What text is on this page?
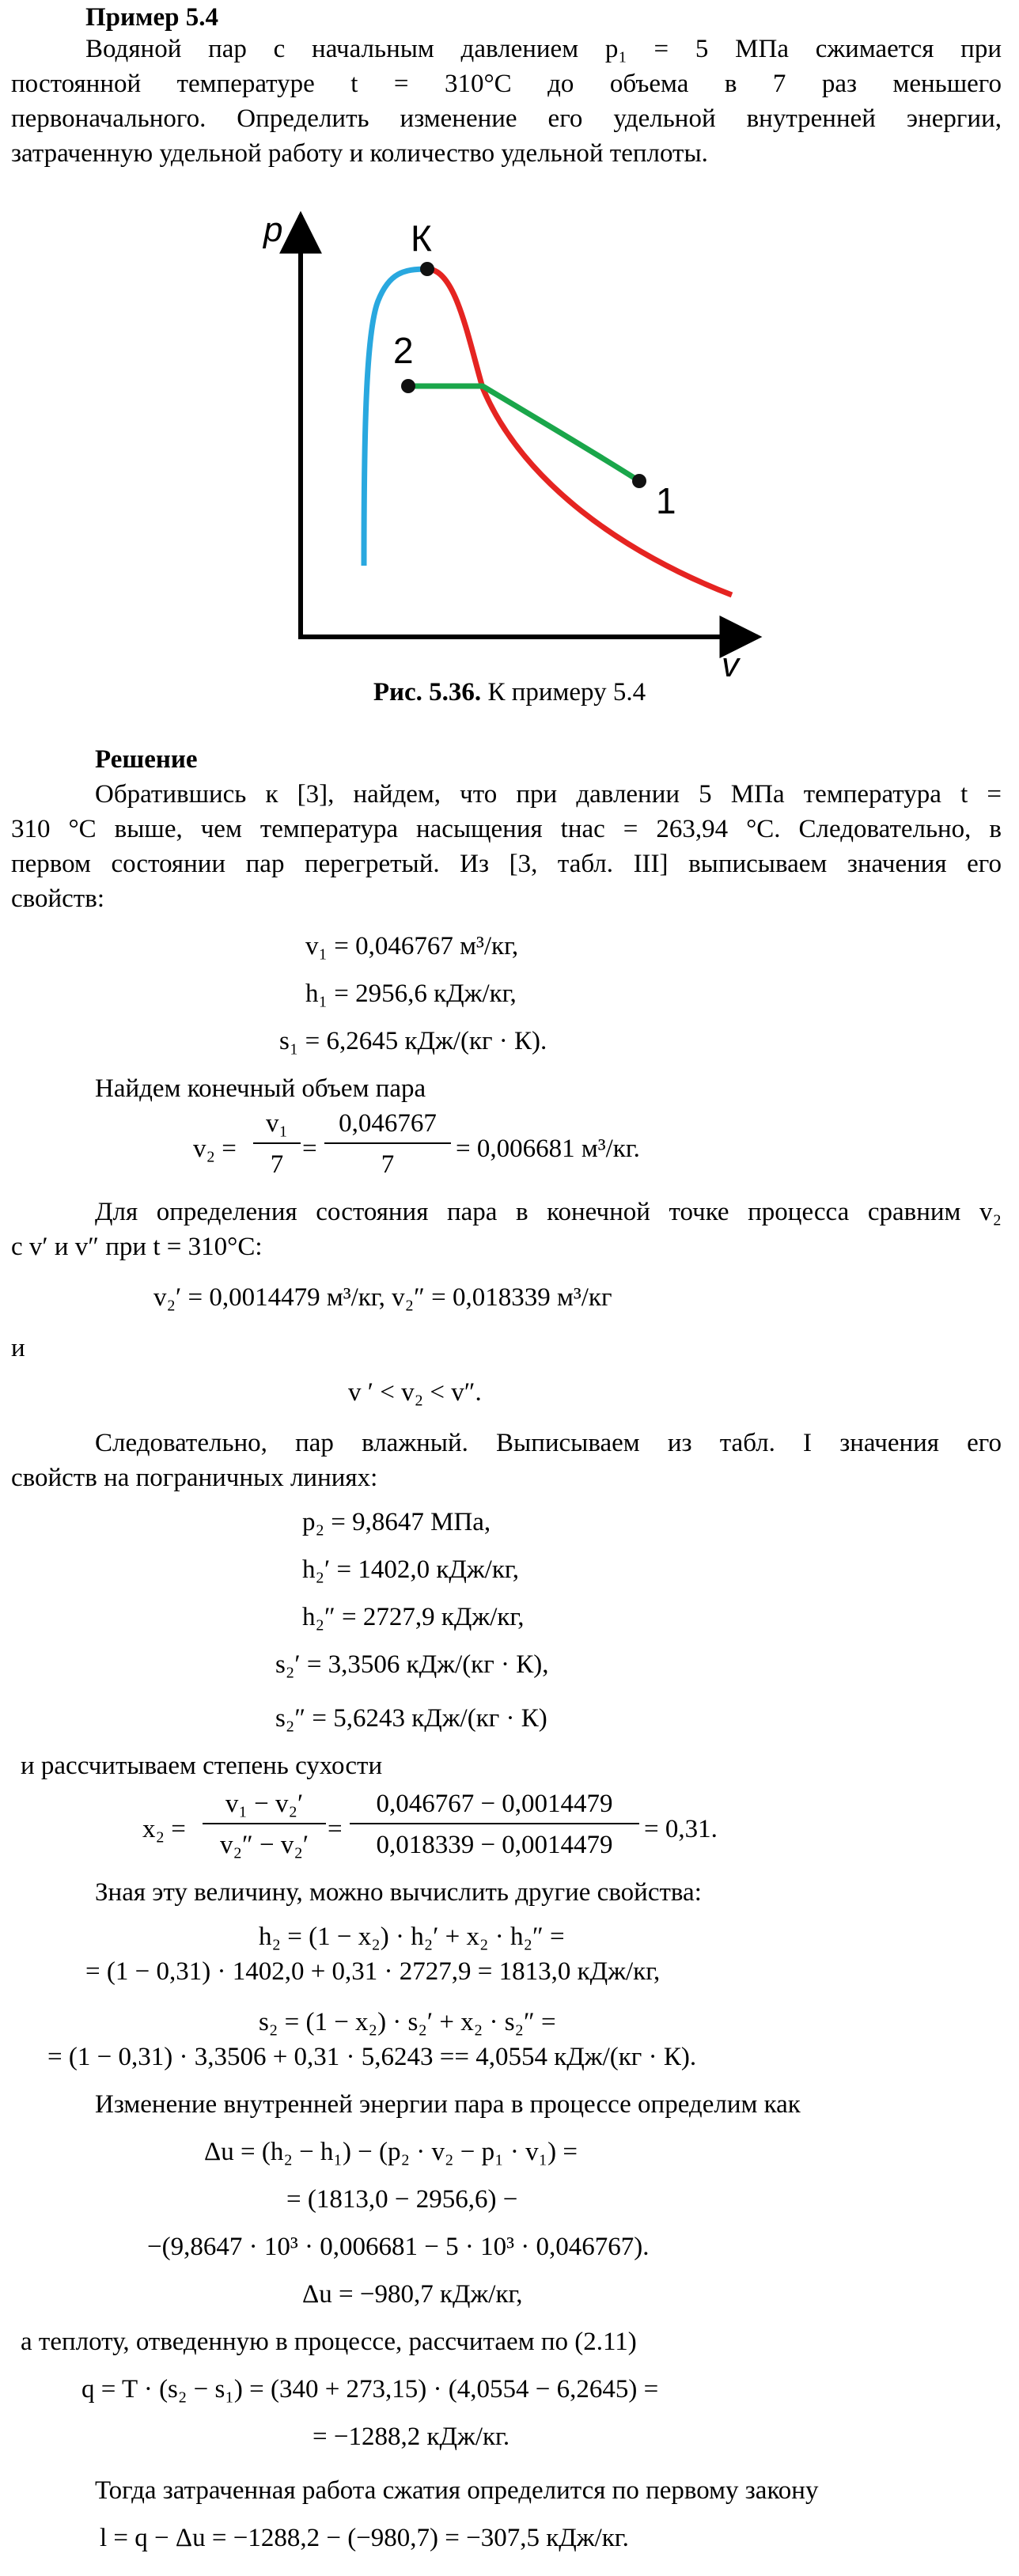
Пример 5.4
Водяной пар с начальным давлением p₁ = 5 МПа сжимается при
постоянной температуре t = 310°C до объема в 7 раз меньшего
первоначального. Определить изменение его удельной внутренней энергии,
затраченную удельной работу и количество удельной теплоты.
p
v
К
1
2
Рис. 5.36. К примеру 5.4
Решение
Обратившись к [3], найдем, что при давлении 5 МПа температура t =
310 °C выше, чем температура насыщения tнас = 263,94 °C. Следовательно, в
первом состоянии пар перегретый. Из [3, табл. III] выписываем значения его
свойств:
v₁ = 0,046767 м³/кг,
h₁ = 2956,6 кДж/кг,
s₁ = 6,2645 кДж/(кг · К).
Найдем конечный объем пара
v₂ =
v₁
7
=
0,046767
7
= 0,006681 м³/кг.
Для определения состояния пара в конечной точке процесса сравним v₂
с v′ и v″ при t = 310°C:
v₂′ = 0,0014479 м³/кг, v₂″ = 0,018339 м³/кг
и
v ′ < v₂ < v″.
Следовательно, пар влажный. Выписываем из табл. I значения его
свойств на пограничных линиях:
p₂ = 9,8647 МПа,
h₂′ = 1402,0 кДж/кг,
h₂″ = 2727,9 кДж/кг,
s₂′ = 3,3506 кДж/(кг · К),
s₂″ = 5,6243 кДж/(кг · К)
и рассчитываем степень сухости
x₂ =
v₁ − v₂′
v₂″ − v₂′
=
0,046767 − 0,0014479
0,018339 − 0,0014479
= 0,31.
Зная эту величину, можно вычислить другие свойства:
h₂ = (1 − x₂) · h₂′ + x₂ · h₂″ =
= (1 − 0,31) · 1402,0 + 0,31 · 2727,9 = 1813,0 кДж/кг,
s₂ = (1 − x₂) · s₂′ + x₂ · s₂″ =
= (1 − 0,31) · 3,3506 + 0,31 · 5,6243 == 4,0554 кДж/(кг · К).
Изменение внутренней энергии пара в процессе определим как
Δu = (h₂ − h₁) − (p₂ · v₂ − p₁ · v₁) =
= (1813,0 − 2956,6) −
−(9,8647 · 10³ · 0,006681 − 5 · 10³ · 0,046767).
Δu = −980,7 кДж/кг,
а теплоту, отведенную в процессе, рассчитаем по (2.11)
q = T · (s₂ − s₁) = (340 + 273,15) · (4,0554 − 6,2645) =
= −1288,2 кДж/кг.
Тогда затраченная работа сжатия определится по первому закону
l = q − Δu = −1288,2 − (−980,7) = −307,5 кДж/кг.
